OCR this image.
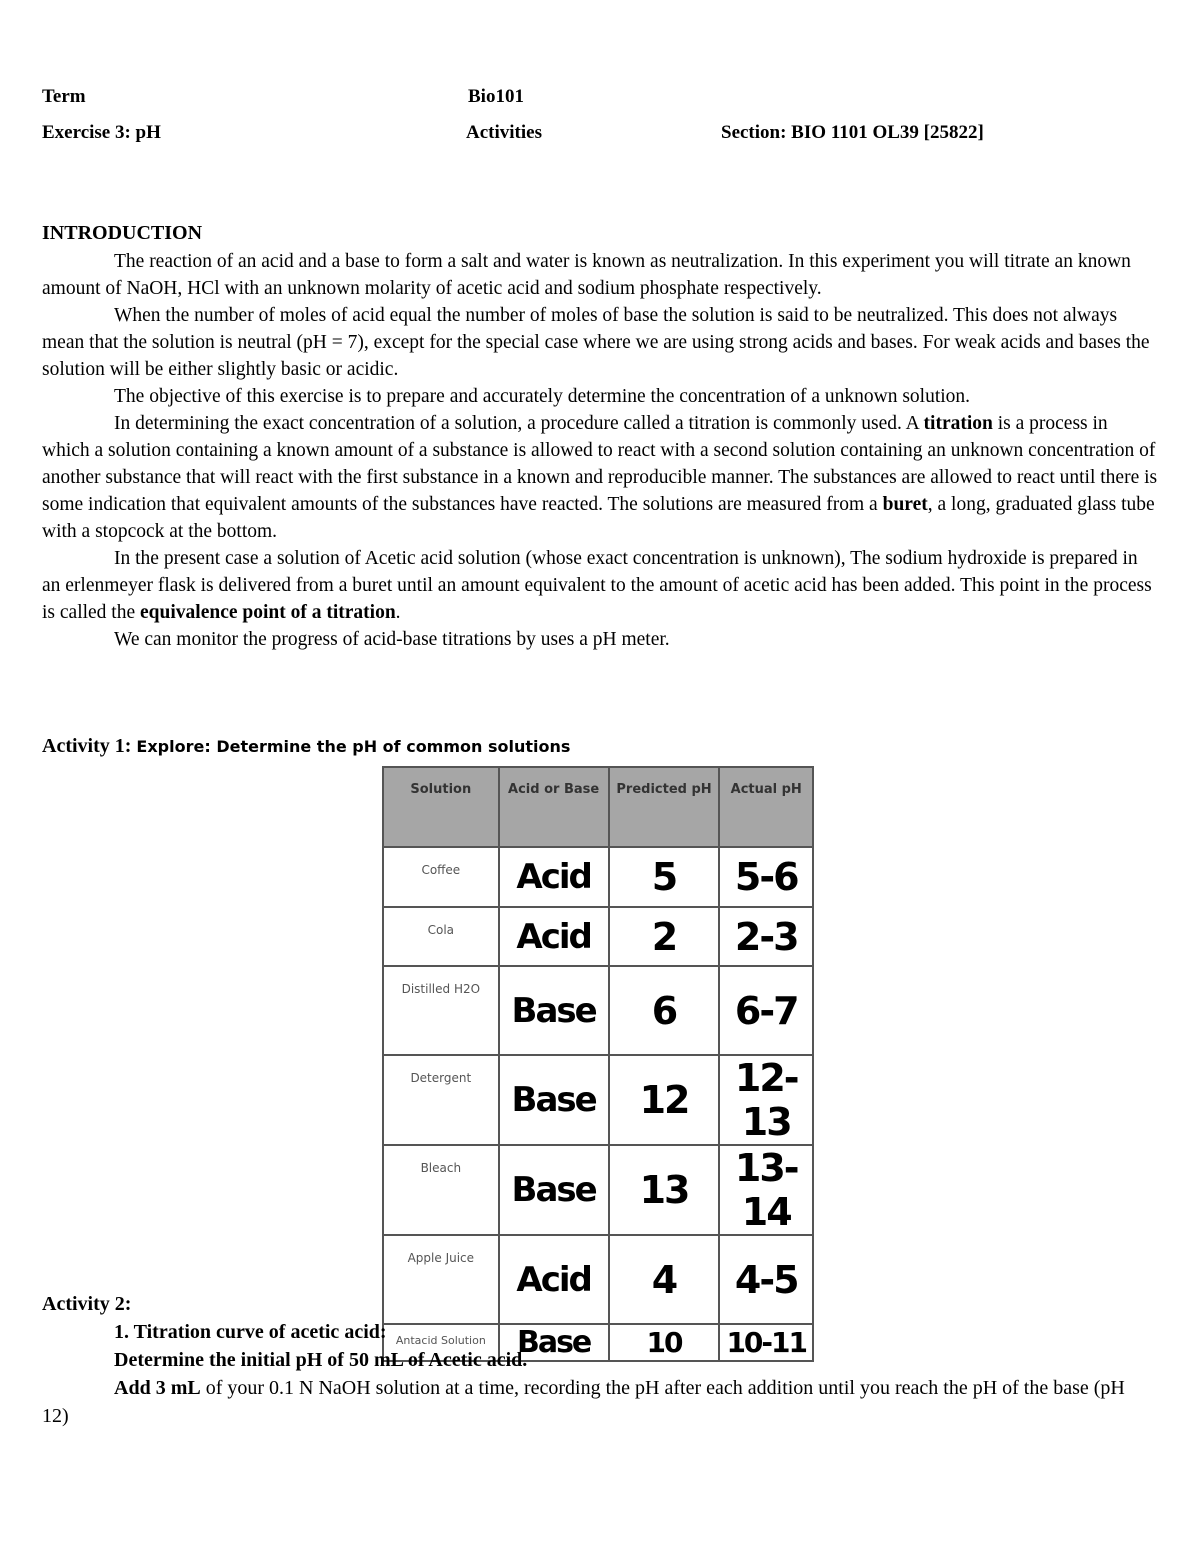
Term	Bio101
Exercise 3: pH	Activities	Section: BIO 1101 OL39 [25822]
INTRODUCTION

The reaction of an acid and a base to form a salt and water is known as neutralization. In this experiment you will titrate an known amount of NaOH, HCl with an unknown molarity of acetic acid and sodium phosphate respectively.

When the number of moles of acid equal the number of moles of base the solution is said to be neutralized. This does not always mean that the solution is neutral (pH = 7), except for the special case where we are using strong acids and bases. For weak acids and bases the solution will be either slightly basic or acidic.

The objective of this exercise is to prepare and accurately determine the concentration of a unknown solution.

In determining the exact concentration of a solution, a procedure called a titration is commonly used. A titration is a process in which a solution containing a known amount of a substance is allowed to react with a second solution containing an unknown concentration of another substance that will react with the first substance in a known and reproducible manner. The substances are allowed to react until there is some indication that equivalent amounts of the substances have reacted. The solutions are measured from a buret, a long, graduated glass tube with a stopcock at the bottom.

In the present case a solution of Acetic acid solution (whose exact concentration is unknown), The sodium hydroxide is prepared in an erlenmeyer flask is delivered from a buret until an amount equivalent to the amount of acetic acid has been added. This point in the process is called the equivalence point of a titration.

We can monitor the progress of acid-base titrations by uses a pH meter.

Activity 1: Explore: Determine the pH of common solutions
Solution	Acid or Base	Predicted pH	Actual pH
Coffee	Acid	5	5-6
Cola	Acid	2	2-3
Distilled H2O	Base	6	6-7
Detergent	Base	12	12-13
Bleach	Base	13	13-14
Apple Juice	Acid	4	4-5
Antacid Solution	Base	10	10-11
Activity 2:
1. Titration curve of acetic acid:
Determine the initial pH of 50 mL of Acetic acid.
Add 3 mL of your 0.1 N NaOH solution at a time, recording the pH after each addition until you reach the pH of the base (pH 12)
